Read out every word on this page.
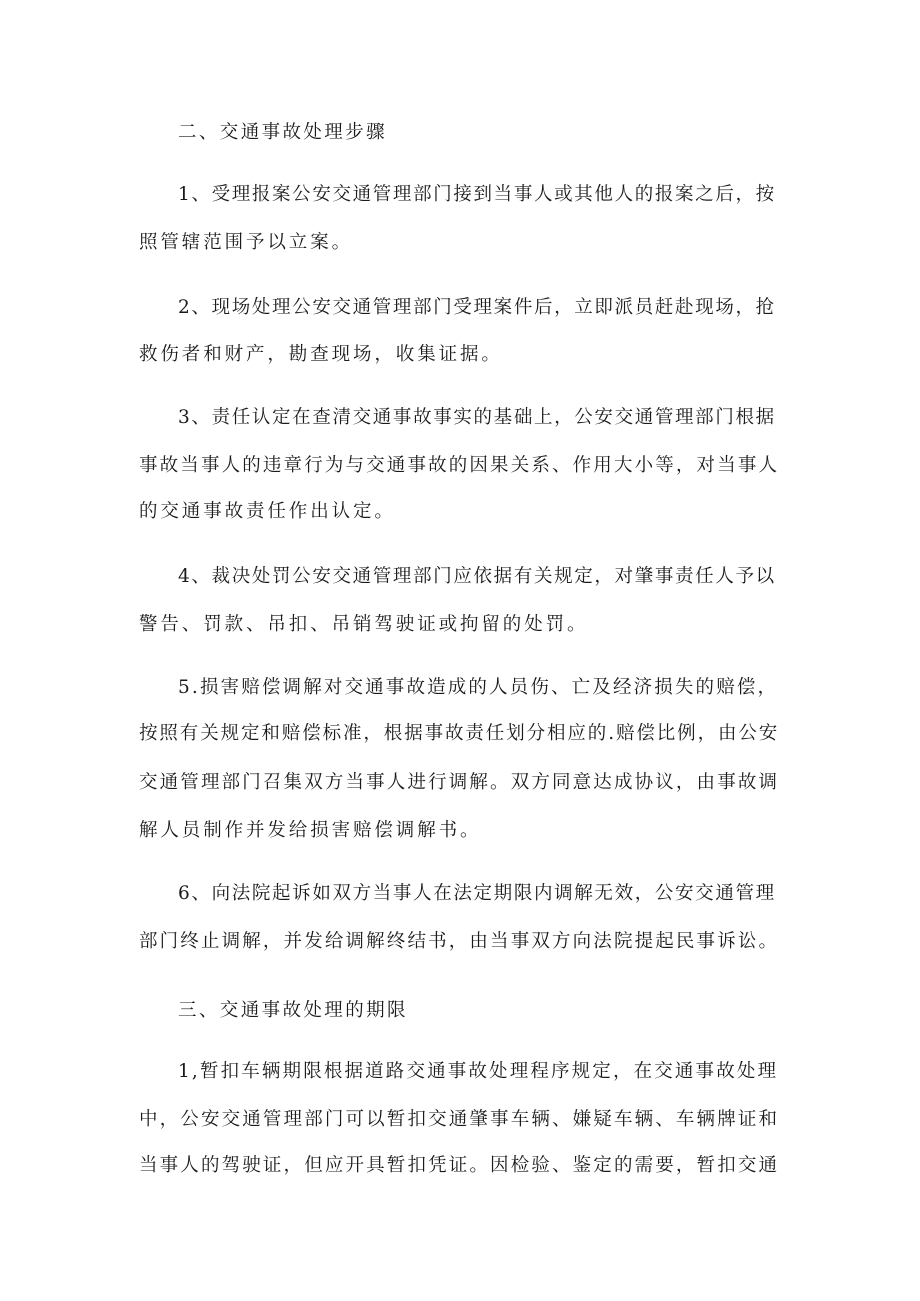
二、交通事故处理步骤
1、受理报案公安交通管理部门接到当事人或其他人的报案之后，按
照管辖范围予以立案。
2、现场处理公安交通管理部门受理案件后，立即派员赶赴现场，抢
救伤者和财产，勘查现场，收集证据。
3、责任认定在查清交通事故事实的基础上，公安交通管理部门根据
事故当事人的违章行为与交通事故的因果关系、作用大小等，对当事人
的交通事故责任作出认定。
4、裁决处罚公安交通管理部门应依据有关规定，对肇事责任人予以
警告、罚款、吊扣、吊销驾驶证或拘留的处罚。
5.损害赔偿调解对交通事故造成的人员伤、亡及经济损失的赔偿，
按照有关规定和赔偿标准，根据事故责任划分相应的.赔偿比例，由公安
交通管理部门召集双方当事人进行调解。双方同意达成协议，由事故调
解人员制作并发给损害赔偿调解书。
6、向法院起诉如双方当事人在法定期限内调解无效，公安交通管理
部门终止调解，并发给调解终结书，由当事双方向法院提起民事诉讼。
三、交通事故处理的期限
1,暂扣车辆期限根据道路交通事故处理程序规定，在交通事故处理
中，公安交通管理部门可以暂扣交通肇事车辆、嫌疑车辆、车辆牌证和
当事人的驾驶证，但应开具暂扣凭证。因检验、鉴定的需要，暂扣交通
